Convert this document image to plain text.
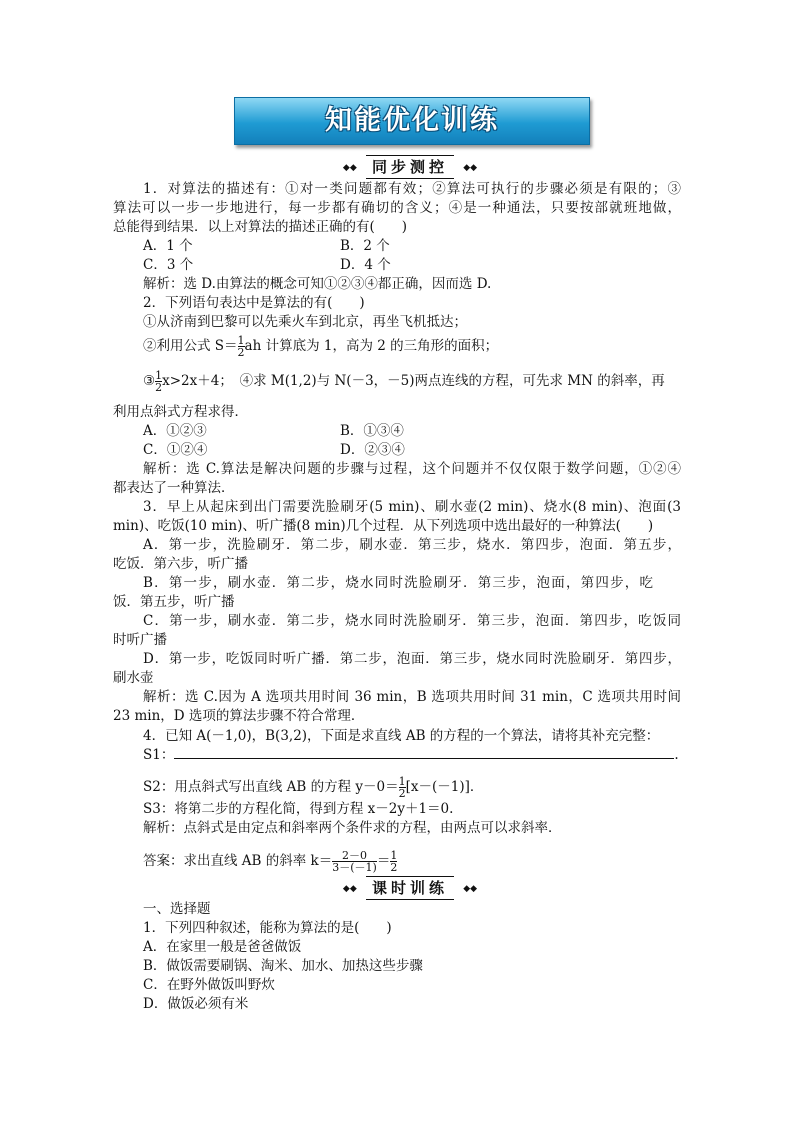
知能优化训练
◆◆ 同步测控 ◆◆
1．对算法的描述有：①对一类问题都有效；②算法可执行的步骤必须是有限的；③
算法可以一步一步地进行，每一步都有确切的含义；④是一种通法，只要按部就班地做，
总能得到结果．以上对算法的描述正确的有(　　)
A．1 个	B．2 个
C．3 个	D．4 个
解析：选 D.由算法的概念可知①②③④都正确，因而选 D.
2．下列语句表达中是算法的有(　　)
①从济南到巴黎可以先乘火车到北京，再坐飞机抵达；
②利用公式 $S= \frac{1}{2}$ ah 计算底为 1，高为 2 的三角形的面积；
③ $\frac{1}{2} x>2x+4$；　④求 M(1,2)与 N(－3，－5)两点连线的方程，可先求 MN 的斜率，再
利用点斜式方程求得．
A．①②③	B．①③④
C．①②④	D．②③④
解析：选 C.算法是解决问题的步骤与过程，这个问题并不仅仅限于数学问题，①②④
都表达了一种算法．
3．早上从起床到出门需要洗脸刷牙(5 min)、刷水壶(2 min)、烧水(8 min)、泡面(3
min)、吃饭(10 min)、听广播(8 min)几个过程．从下列选项中选出最好的一种算法(　　)
A．第一步，洗脸刷牙．第二步，刷水壶．第三步，烧水．第四步，泡面．第五步，
吃饭．第六步，听广播
B．第一步，刷水壶．第二步，烧水同时洗脸刷牙．第三步，泡面，第四步，吃
饭．第五步，听广播
C．第一步，刷水壶．第二步，烧水同时洗脸刷牙．第三步，泡面．第四步，吃饭同
时听广播
D．第一步，吃饭同时听广播．第二步，泡面．第三步，烧水同时洗脸刷牙．第四步，
刷水壶
解析：选 C.因为 A 选项共用时间 36 min，B 选项共用时间 31 min，C 选项共用时间
23 min，D 选项的算法步骤不符合常理．
4．已知 A(－1,0)，B(3,2)，下面是求直线 AB 的方程的一个算法，请将其补充完整：
S1：	.
S2：用点斜式写出直线 AB 的方程 $y-0= \frac{1}{2} [x-(-1)]$．
S3：将第二步的方程化简，得到方程 x－2y＋1＝0.
解析：点斜式是由定点和斜率两个条件求的方程，由两点可以求斜率．
答案：求出直线 AB 的斜率 $k= \frac{2-0}{3-(-1)} = \frac{1}{2}$
◆◆ 课时训练 ◆◆
一、选择题
1．下列四种叙述，能称为算法的是(　　)
A．在家里一般是爸爸做饭
B．做饭需要刷锅、淘米、加水、加热这些步骤
C．在野外做饭叫野炊
D．做饭必须有米
